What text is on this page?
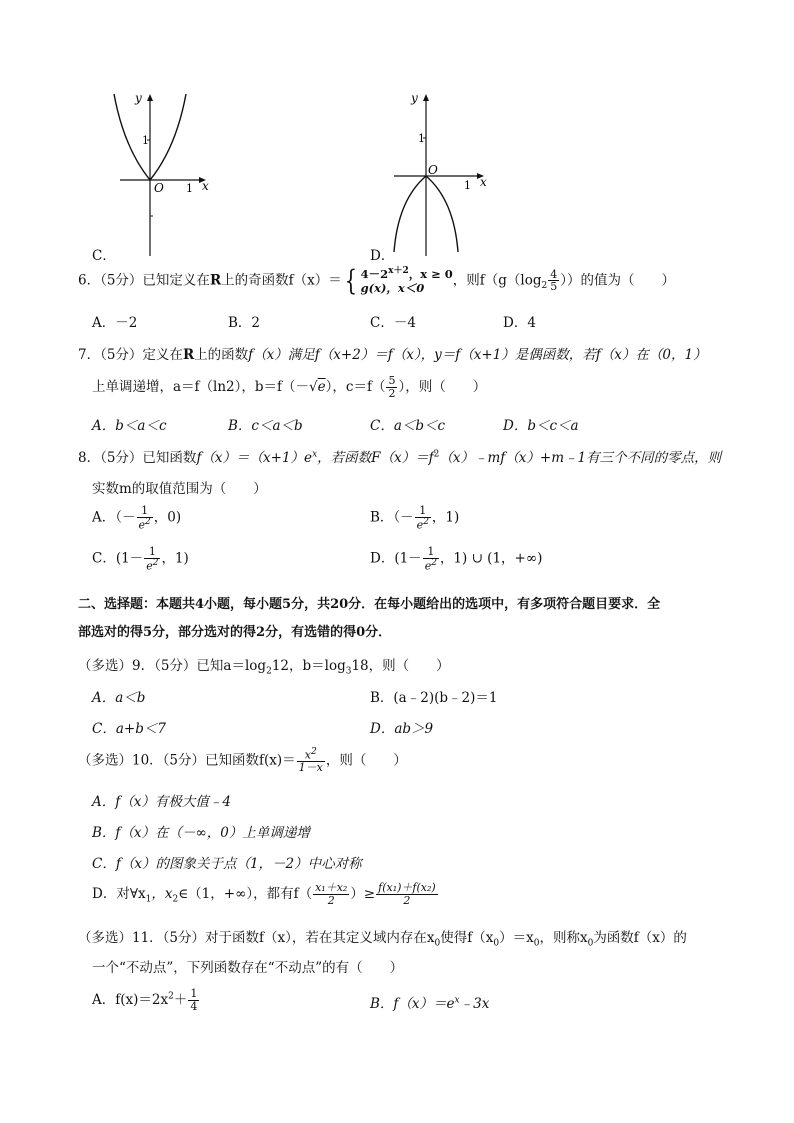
y
x
O 1
1
C．
y
x
O
1
1
D．
6．（5分）已知定义在R上的奇函数f（x）＝{ $4-2^{x+2}$，x ≥ 0
g(x)，x＜0	，则$f(g(\log_2 \frac{4}{5}$ ））的值为（　　）
A．－2	B．2	C．－4	D．4
7．（5分）定义在R上的函数f（x）满足f（x+2）＝f（x），y＝f（x+1）是偶函数，若f（x）在（0，1）
上单调递增，a＝f（ln2），b＝f（－√e），$c=f( \frac{5}{2}$ ），则（　　）
A．b＜a＜c	B．c＜a＜b	C．a＜b＜c	D．b＜c＜a
8．（5分）已知函数$f(x)=(x+1)e^x$，若函数$F(x)=f^2(x)﹣mf(x)+m﹣1$有三个不同的零点，则
实数m的取值范围为（　　）
A．（－ $\frac{1}{e^2}$ ，0)	B．（－ $\frac{1}{e^2}$ ，1)
C．($1- \frac{1}{e^2}$ ，1)	D．($1- \frac{1}{e^2}$ ，1) ∪ (1，+∞)
二、选择题：本题共4小题，每小题5分，共20分．在每小题给出的选项中，有多项符合题目要求．全
部选对的得5分，部分选对的得2分，有选错的得0分．
（多选）9．（5分）已知$a=\log_212$，$b=\log_318$，则（　　）
A．a＜b	B．(a﹣2)(b﹣2)＝1
C．a+b＜7	D．ab＞9
（多选）10．（5分）已知函数$f(x)= \frac{x^2}{1-x}$ ，则（　　）
A．f（x）有极大值﹣4
B．f（x）在（－∞，0）上单调递增
C．f（x）的图象关于点（1，－2）中心对称
D．对$\forall x_1$，$x_2\in(1$，+∞），都有$f( \frac{\text{x₁＋x₂}}{2}$ ）≥ $\frac{\text{f(x₁)＋f(x₂)}}{2}$
（多选）11．（5分）对于函数f（x），若在其定义域内存在$x_0$使得$f(x_0)=x_0$，则称$x_0$为函数f（x）的
一个“不动点”，下列函数存在“不动点”的有（　　）
A．$f(x)=2x^2+ \frac{1}{4}$	B．$f(x)=e^x﹣3x$
